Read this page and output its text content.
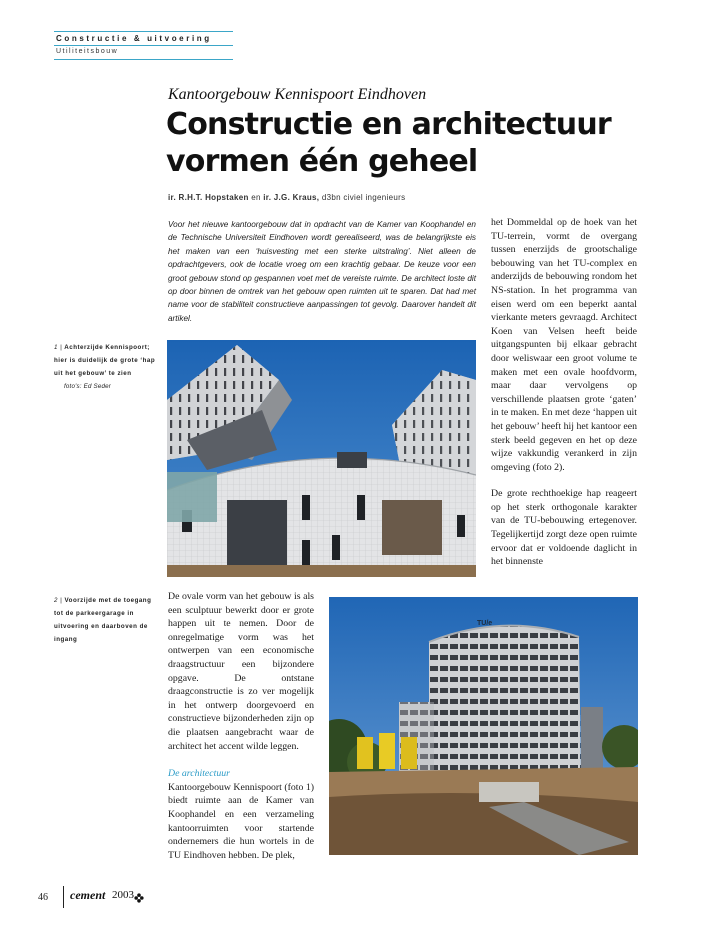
Constructie & uitvoering
Utiliteitsbouw
Kantoorgebouw Kennispoort Eindhoven
Constructie en architectuur
vormen één geheel
ir. R.H.T. Hopstaken en ir. J.G. Kraus, d3bn civiel ingenieurs
Voor het nieuwe kantoorgebouw dat in opdracht van de Kamer van Koophandel en de Technische Universiteit Eindhoven wordt gerealiseerd, was de belangrijkste eis het maken van een ‘huisvesting met een sterke uitstraling’. Niet alleen de opdrachtgevers, ook de locatie vroeg om een krachtig gebaar. De keuze voor een groot gebouw stond op gespannen voet met de vereiste ruimte. De architect loste dit op door binnen de omtrek van het gebouw open ruimten uit te sparen. Dat had met name voor de stabiliteit constructieve aanpassingen tot gevolg. Daarover handelt dit artikel.

het Dommeldal op de hoek van het TU-terrein, vormt de overgang tussen enerzijds de grootschalige bebouwing van het TU-complex en anderzijds de bebouwing rondom het NS-station. In het programma van eisen werd om een beperkt aantal vierkante meters gevraagd. Architect Koen van Velsen heeft beide uitgangspunten bij elkaar gebracht door weliswaar een groot volume te maken met een ovale hoofdvorm, maar daar vervolgens op verschillende plaatsen grote ‘gaten’ in te maken. En met deze ‘happen uit het gebouw’ heeft hij het kantoor een sterk beeld gegeven en het op deze wijze vakkundig verankerd in zijn omgeving (foto 2).

De grote rechthoekige hap reageert op het sterk orthogonale karakter van de TU-bebouwing ertegenover. Tegelijkertijd zorgt deze open ruimte ervoor dat er voldoende daglicht in het binnenste

1 | Achterzijde Kennispoort; hier is duidelijk de grote ‘hap uit het gebouw’ te zien
foto's: Ed Seder
2 | Voorzijde met de toegang tot de parkeergarage in uitvoering en daarboven de ingang

De ovale vorm van het gebouw is als een sculptuur bewerkt door er grote happen uit te nemen. Door de onregelmatige vorm was het ontwerpen van een economische draagstructuur een bijzondere opgave. De ontstane draagconstructie is zo ver mogelijk in het ontwerp doorgevoerd en constructieve bijzonderheden zijn op die plaatsen aangebracht waar de architect het accent wilde leggen.

De architectuur

Kantoorgebouw Kennispoort (foto 1) biedt ruimte aan de Kamer van Koophandel en een verzameling kantoorruimten voor startende ondernemers die hun wortels in de TU Eindhoven hebben. De plek,

TU/e
46 cement 2003
